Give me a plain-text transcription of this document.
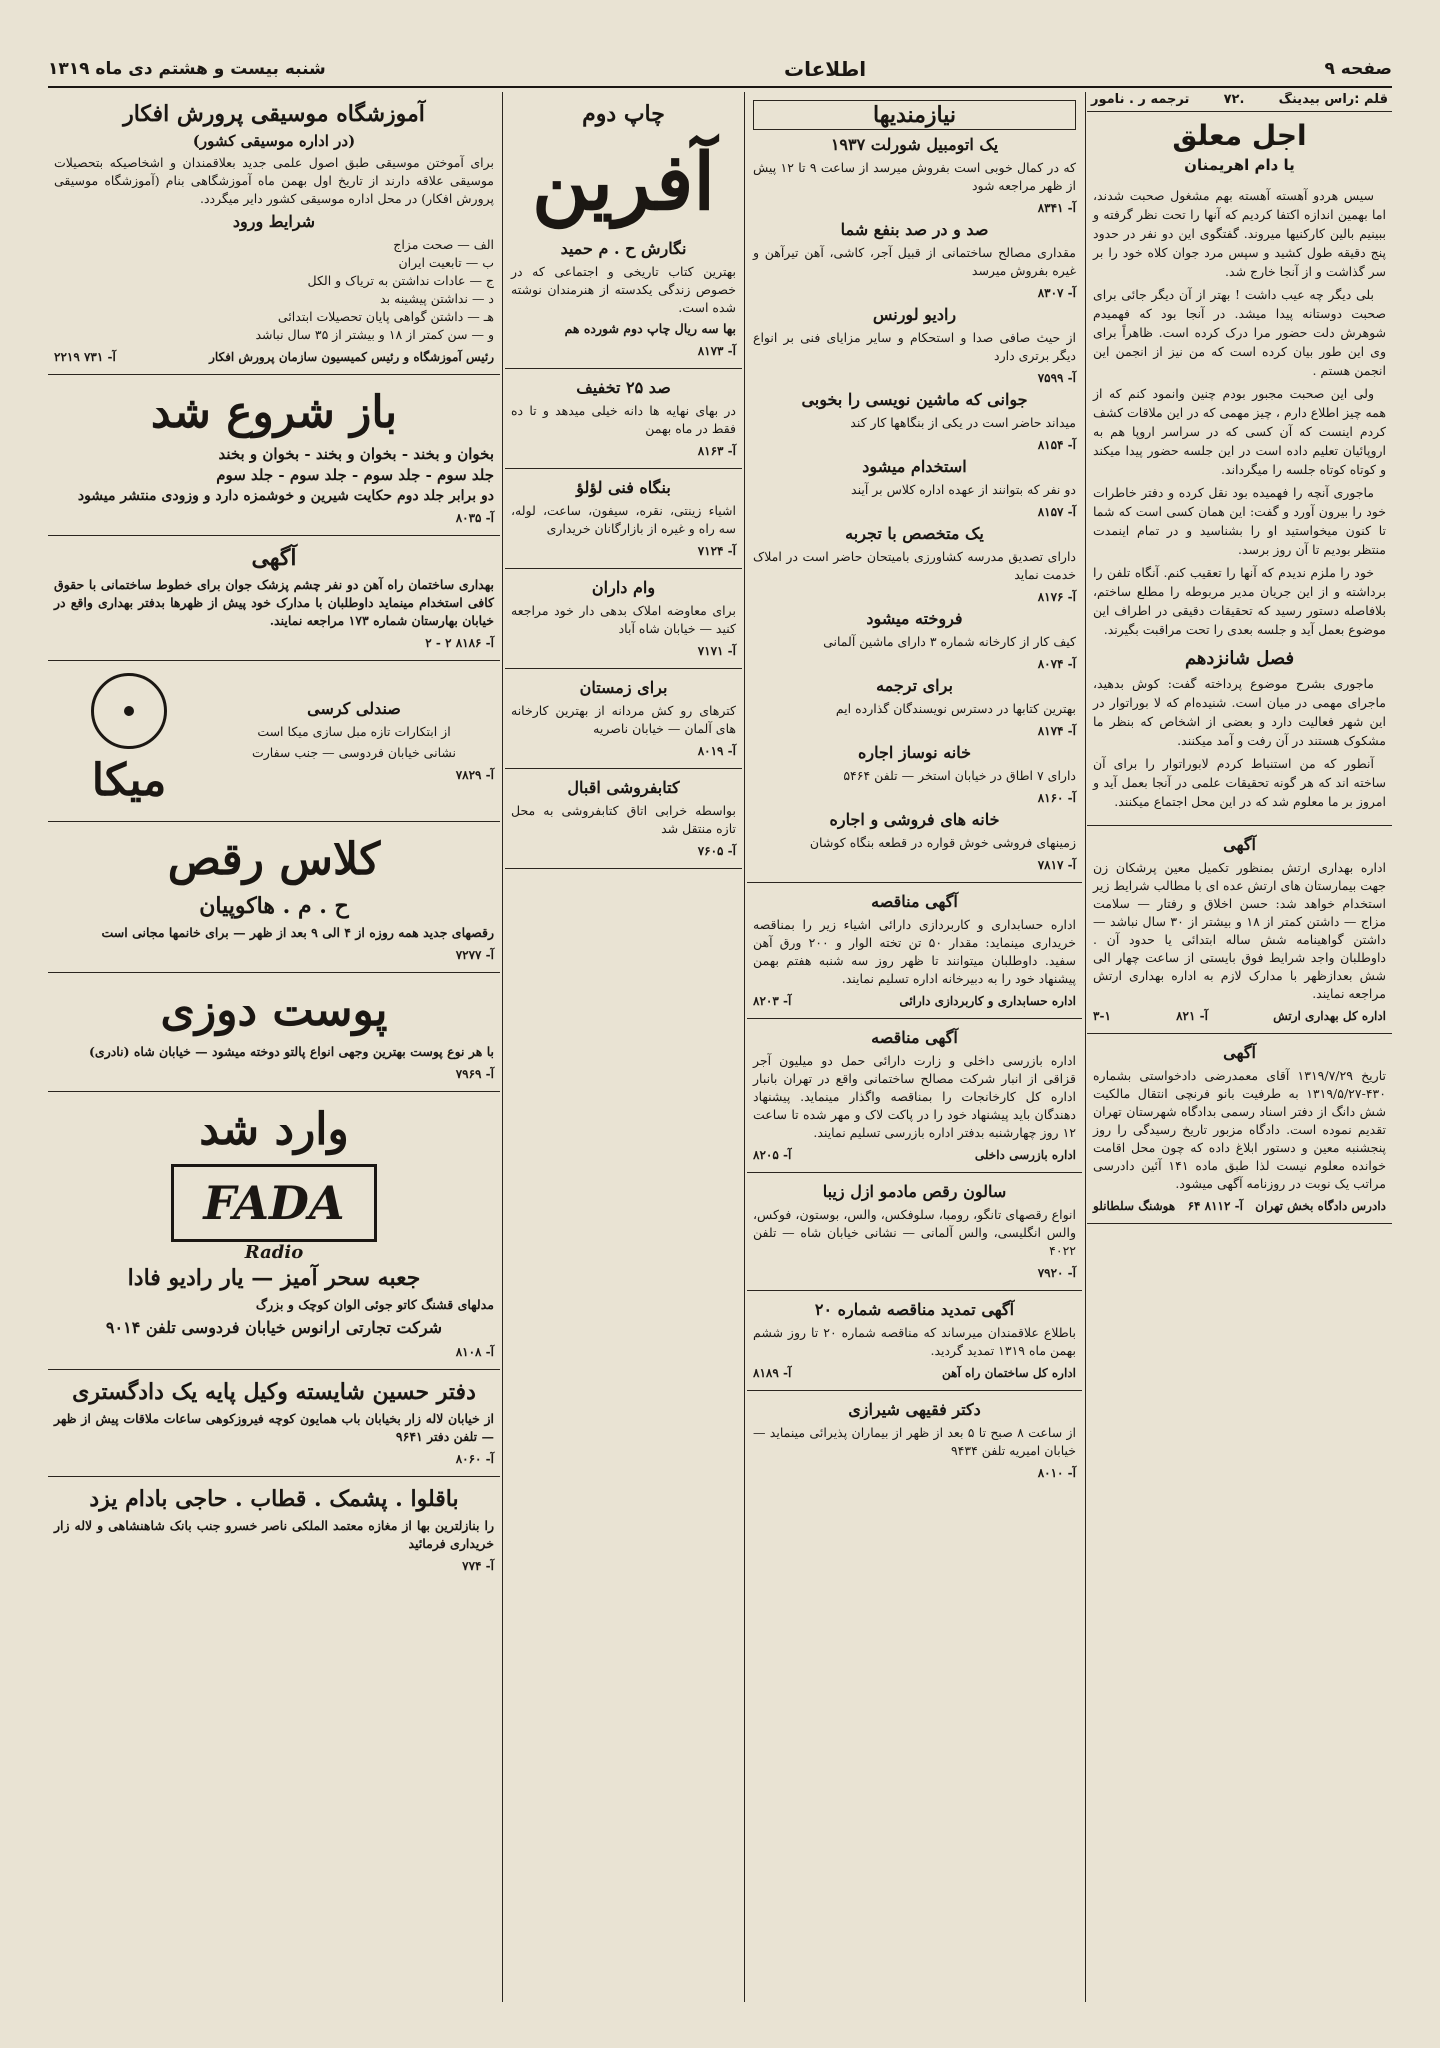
صفحه ۹
اطلاعات
شنبه بیست و هشتم دی ماه ۱۳۱۹
قلم :راس بیدینگ
.۷۲
ترجمه ر . نامور
اجل معلق
یا دام اهریمنان

سیس هردو آهسته آهسته بهم مشغول صحبت شدند، اما بهمین اندازه اکتفا کردیم که آنها را تحت نظر گرفته و ببینیم بالین کارکنیها میروند. گفتگوی این دو نفر در حدود پنج دقیقه طول کشید و سپس مرد جوان کلاه خود را بر سر گذاشت و از آنجا خارج شد.

بلی دیگر چه عیب داشت ! بهتر از آن دیگر جائی برای صحبت دوستانه پیدا میشد. در آنجا بود که فهمیدم شوهرش دلت حضور مرا درک کرده است. ظاهراً برای وی این طور بیان کرده است که من نیز از انجمن این انجمن هستم .

ولی این صحبت مجبور بودم چنین وانمود کنم که از همه چیز اطلاع دارم ، چیز مهمی که در این ملاقات کشف کردم اینست که آن کسی که در سراسر اروپا هم به اروپائیان تعلیم داده است در این جلسه حضور پیدا میکند و کوتاه کوتاه جلسه را میگرداند.

ماجوری آنچه را فهمیده بود نقل کرده و دفتر خاطرات خود را بیرون آورد و گفت: این همان کسی است که شما تا کنون میخواستید او را بشناسید و در تمام اینمدت منتظر بودیم تا آن روز برسد.

خود را ملزم ندیدم که آنها را تعقیب کنم. آنگاه تلفن را برداشته و از این جریان مدیر مربوطه را مطلع ساختم، بلافاصله دستور رسید که تحقیقات دقیقی در اطراف این موضوع بعمل آید و جلسه بعدی را تحت مراقبت بگیرند.

فصل شانزدهم

ماجوری بشرح موضوع پرداخته گفت: کوش بدهید، ماجرای مهمی در میان است. شنیده‌ام که لا بوراتوار در این شهر فعالیت دارد و بعضی از اشخاص که بنظر ما مشکوک هستند در آن رفت و آمد میکنند.

آنطور که من استنباط کردم لابوراتوار را برای آن ساخته اند که هر گونه تحقیقات علمی در آنجا بعمل آید و امروز بر ما معلوم شد که در این محل اجتماع میکنند.

آگهی

اداره بهداری ارتش بمنظور تکمیل معین پرشکان زن جهت بیمارستان های ارتش عده ای با مطالب شرایط زیر استخدام خواهد شد: حسن اخلاق و رفتار — سلامت مزاج — داشتن کمتر از ۱۸ و بیشتر از ۳۰ سال نباشد — داشتن گواهینامه شش ساله ابتدائی یا حدود آن . داوطلبان واجد شرایط فوق بایستی از ساعت چهار الی شش بعدازظهر با مدارک لازم به اداره بهداری ارتش مراجعه نمایند.

اداره کل بهداری ارتش
آ- ۸۲۱
۳-۱
آگهی

تاریخ ۱۳۱۹/۷/۲۹ آقای معمدرضی دادخواستی بشماره ۴۳۰-۱۳۱۹/۵/۲۷ به طرفیت بانو فرنچی انتقال مالکیت شش دانگ از دفتر اسناد رسمی بدادگاه شهرستان تهران تقدیم نموده است. دادگاه مزبور تاریخ رسیدگی را روز پنجشنبه معین و دستور ابلاغ داده که چون محل اقامت خوانده معلوم نیست لذا طبق ماده ۱۴۱ آئین دادرسی مراتب یک نوبت در روزنامه آگهی میشود.

دادرس دادگاه بخش تهران
آ- ۸۱۱۲ ۶۴
هوشنگ سلطانلو
نیازمندیها
یک اتومبیل شورلت ۱۹۳۷

که در کمال خوبی است بفروش میرسد از ساعت ۹ تا ۱۲ پیش از ظهر مراجعه شود

آ- ۸۳۴۱
صد و در صد بنفع شما

مقداری مصالح ساختمانی از قبیل آجر، کاشی، آهن تیرآهن و غیره بفروش میرسد

آ- ۸۳۰۷
رادیو لورنس

از حیث صافی صدا و استحکام و سایر مزایای فنی بر انواع دیگر برتری دارد

آ- ۷۵۹۹
جوانی که ماشین نویسی را بخوبی

میداند حاضر است در یکی از بنگاهها کار کند

آ- ۸۱۵۴
استخدام میشود

دو نفر که بتوانند از عهده اداره کلاس بر آیند

آ- ۸۱۵۷
یک متخصص با تجربه

دارای تصدیق مدرسه کشاورزی بامیتحان حاضر است در املاک خدمت نماید

آ- ۸۱۷۶
فروخته میشود

کیف کار از کارخانه شماره ۳ دارای ماشین آلمانی

آ- ۸۰۷۴
برای ترجمه

بهترین کتابها در دسترس نویسندگان گذارده ایم

آ- ۸۱۷۴
خانه نوساز اجاره

دارای ۷ اطاق در خیابان استخر — تلفن ۵۴۶۴

آ- ۸۱۶۰
خانه های فروشی و اجاره

زمینهای فروشی خوش قواره در قطعه بنگاه کوشان

آ- ۷۸۱۷
آگهی مناقصه

اداره حسابداری و کاربردازی دارائی اشیاء زیر را بمناقصه خریداری مینماید: مقدار ۵۰ تن تخته الوار و ۲۰۰ ورق آهن سفید. داوطلبان میتوانند تا ظهر روز سه شنبه هفتم بهمن پیشنهاد خود را به دبیرخانه اداره تسلیم نمایند.

اداره حسابداری و کاربردازی دارائی
آ- ۸۲۰۳
آگهی مناقصه

اداره بازرسی داخلی و زارت دارائی حمل دو میلیون آجر قزاقی از انبار شرکت مصالح ساختمانی واقع در تهران بانبار اداره کل کارخانجات را بمناقصه واگذار مینماید. پیشنهاد دهندگان باید پیشنهاد خود را در پاکت لاک و مهر شده تا ساعت ۱۲ روز چهارشنبه بدفتر اداره بازرسی تسلیم نمایند.

اداره بازرسی داخلی
آ- ۸۲۰۵
سالون رقص مادمو ازل زیبا

انواع رقصهای تانگو، رومبا، سلوفکس، والس، بوستون، فوکس، والس انگلیسی، والس آلمانی — نشانی خیابان شاه — تلفن ۴۰۲۲

آ- ۷۹۲۰
آگهی تمدید مناقصه شماره ۲۰

باطلاع علاقمندان میرساند که مناقصه شماره ۲۰ تا روز ششم بهمن ماه ۱۳۱۹ تمدید گردید.

اداره کل ساختمان راه آهن
آ- ۸۱۸۹
دکتر فقیهی شیرازی

از ساعت ۸ صبح تا ۵ بعد از ظهر از بیماران پذیرائی مینماید — خیابان امیریه تلفن ۹۴۳۴

آ- ۸۰۱۰
چاپ دوم
آفرین
نگارش ح . م حمید

بهترین کتاب تاریخی و اجتماعی که در خصوص زندگی یکدسته از هنرمندان نوشته شده است.

بها سه ریال چاپ دوم شورده هم

آ- ۸۱۷۳
صد ۲۵ تخفیف

در بهای نهایه ها دانه خیلی میدهد و تا ده فقط در ماه بهمن

آ- ۸۱۶۳
بنگاه فنی لؤلؤ

اشیاء زینتی، نقره، سیفون، ساعت، لوله، سه راه و غیره از بازارگانان خریداری

آ- ۷۱۲۴
وام داران

برای معاوضه املاک بدهی دار خود مراجعه کنید — خیابان شاه آباد

آ- ۷۱۷۱
برای زمستان

کترهای رو کش مردانه از بهترین کارخانه های آلمان — خیابان ناصریه

آ- ۸۰۱۹
کتابفروشی اقبال

بواسطه خرابی اتاق کتابفروشی به محل تازه منتقل شد

آ- ۷۶۰۵
آموزشگاه موسیقی پرورش افکار
(در اداره موسیقی کشور)

برای آموختن موسیقی طبق اصول علمی جدید بعلاقمندان و اشخاصیکه بتحصیلات موسیقی علاقه دارند از تاریخ اول بهمن ماه آموزشگاهی بنام (آموزشگاه موسیقی پرورش افکار) در محل اداره موسیقی کشور دایر میگردد.

شرایط ورود

الف — صحت مزاج

ب — تابعیت ایران

ج — عادات نداشتن به تریاک و الکل

د — نداشتن پیشینه بد

هـ — داشتن گواهی پایان تحصیلات ابتدائی

و — سن کمتر از ۱۸ و بیشتر از ۳۵ سال نباشد

رئیس آموزشگاه و رئیس کمیسیون سازمان پرورش افکار
آ- ۷۳۱ ۲۲۱۹
باز شروع شد

بخوان و بخند - بخوان و بخند - بخوان و بخند

جلد سوم - جلد سوم - جلد سوم - جلد سوم

دو برابر جلد دوم حکایت شیرین و خوشمزه دارد و وزودی منتشر میشود

آ- ۸۰۳۵
آگهی

بهداری ساختمان راه آهن دو نفر چشم پزشک جوان برای خطوط ساختمانی با حقوق کافی استخدام مینماید داوطلبان با مدارک خود پیش از ظهرها بدفتر بهداری واقع در خیابان بهارستان شماره ۱۷۳ مراجعه نمایند.

آ- ۸۱۸۶ ۲ - ۲
صندلی کرسی

از ابتکارات تازه مبل سازی میکا است

نشانی خیابان فردوسی — جنب سفارت

آ- ۷۸۲۹
میکا
کلاس رقص
ح . م . هاکوپیان

رقصهای جدید همه روزه از ۴ الی ۹ بعد از ظهر — برای خانمها مجانی است

آ- ۷۲۷۷
پوست دوزی

با هر نوع پوست بهترین وجهی انواع پالتو دوخته میشود — خیابان شاه (نادری)

آ- ۷۹۶۹
وارد شد
FADA
Radio
جعبه سحر آمیز — یار رادیو فادا

مدلهای قشنگ کاتو جوئی الوان کوچک و بزرگ

شرکت تجارتی ارانوس خیابان فردوسی تلفن ۹۰۱۴
آ- ۸۱۰۸
دفتر حسین شایسته وکیل پایه یک دادگستری

از خیابان لاله زار بخیابان باب همایون کوچه فیروزکوهی ساعات ملاقات پیش از ظهر — تلفن دفتر ۹۶۴۱

آ- ۸۰۶۰
باقلوا . پشمک . قطاب . حاجی بادام یزد

را بنازلترین بها از مغازه معتمد الملکی ناصر خسرو جنب بانک شاهنشاهی و لاله زار خریداری فرمائید

آ- ۷۷۴
